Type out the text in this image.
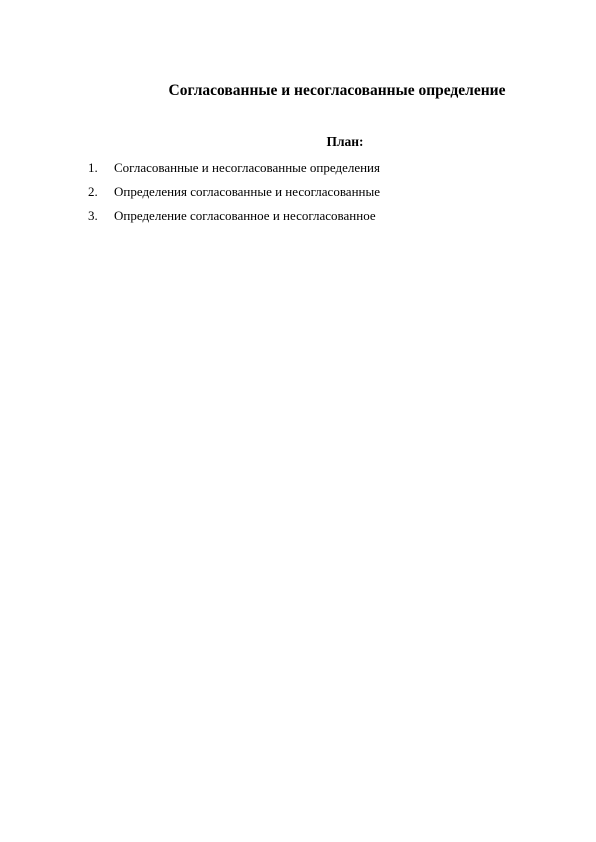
Согласованные и несогласованные определение
План:
1.	Согласованные и несогласованные определения
2.	Определения согласованные и несогласованные
3.	Определение согласованное и несогласованное
